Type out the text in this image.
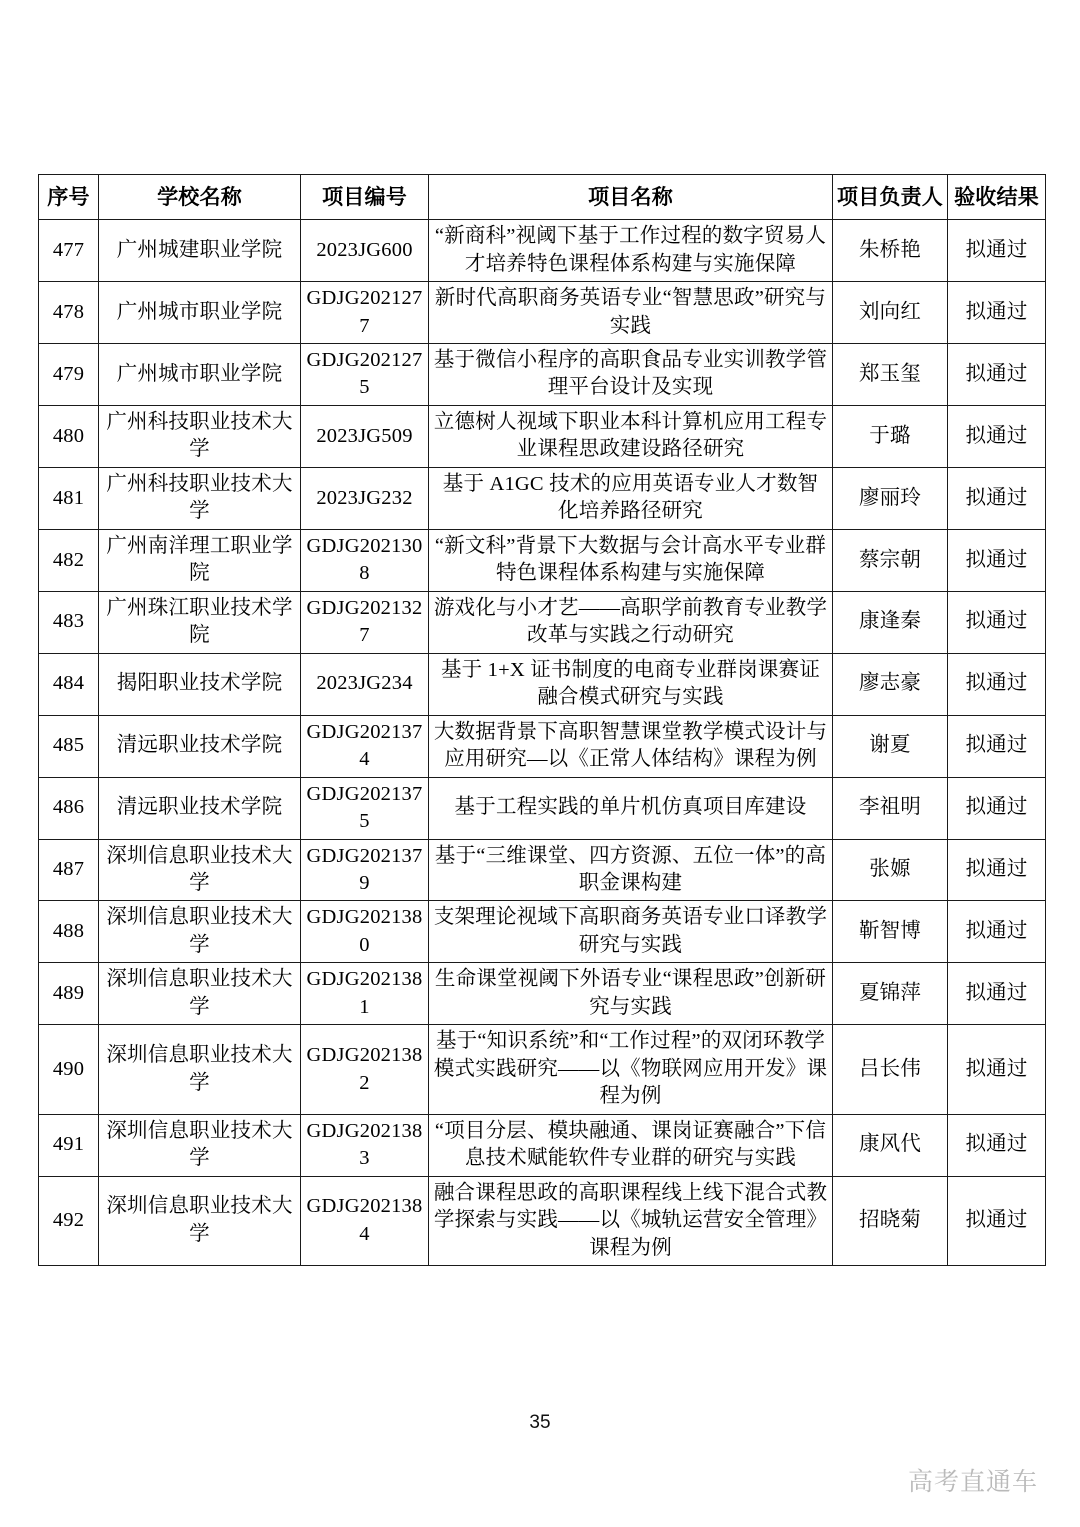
序号	学校名称	项目编号	项目名称	项目负责人	验收结果
477	广州城建职业学院	2023JG600	“新商科”视阈下基于工作过程的数字贸易人才培养特色课程体系构建与实施保障	朱桥艳	拟通过
478	广州城市职业学院	GDJG2021277	新时代高职商务英语专业“智慧思政”研究与实践	刘向红	拟通过
479	广州城市职业学院	GDJG2021275	基于微信小程序的高职食品专业实训教学管理平台设计及实现	郑玉玺	拟通过
480	广州科技职业技术大学	2023JG509	立德树人视域下职业本科计算机应用工程专业课程思政建设路径研究	于璐	拟通过
481	广州科技职业技术大学	2023JG232	基于 A1GC 技术的应用英语专业人才数智化培养路径研究	廖丽玲	拟通过
482	广州南洋理工职业学院	GDJG2021308	“新文科”背景下大数据与会计高水平专业群特色课程体系构建与实施保障	蔡宗朝	拟通过
483	广州珠江职业技术学院	GDJG2021327	游戏化与小才艺——高职学前教育专业教学改革与实践之行动研究	康逢秦	拟通过
484	揭阳职业技术学院	2023JG234	基于 1+X 证书制度的电商专业群岗课赛证融合模式研究与实践	廖志豪	拟通过
485	清远职业技术学院	GDJG2021374	大数据背景下高职智慧课堂教学模式设计与应用研究—以《正常人体结构》课程为例	谢夏	拟通过
486	清远职业技术学院	GDJG2021375	基于工程实践的单片机仿真项目库建设	李祖明	拟通过
487	深圳信息职业技术大学	GDJG2021379	基于“三维课堂、四方资源、五位一体”的高职金课构建	张嫄	拟通过
488	深圳信息职业技术大学	GDJG2021380	支架理论视域下高职商务英语专业口译教学研究与实践	靳智博	拟通过
489	深圳信息职业技术大学	GDJG2021381	生命课堂视阈下外语专业“课程思政”创新研究与实践	夏锦萍	拟通过
490	深圳信息职业技术大学	GDJG2021382	基于“知识系统”和“工作过程”的双闭环教学模式实践研究——以《物联网应用开发》课程为例	吕长伟	拟通过
491	深圳信息职业技术大学	GDJG2021383	“项目分层、模块融通、课岗证赛融合”下信息技术赋能软件专业群的研究与实践	康风代	拟通过
492	深圳信息职业技术大学	GDJG2021384	融合课程思政的高职课程线上线下混合式教学探索与实践——以《城轨运营安全管理》课程为例	招晓菊	拟通过
35
高考直通车
